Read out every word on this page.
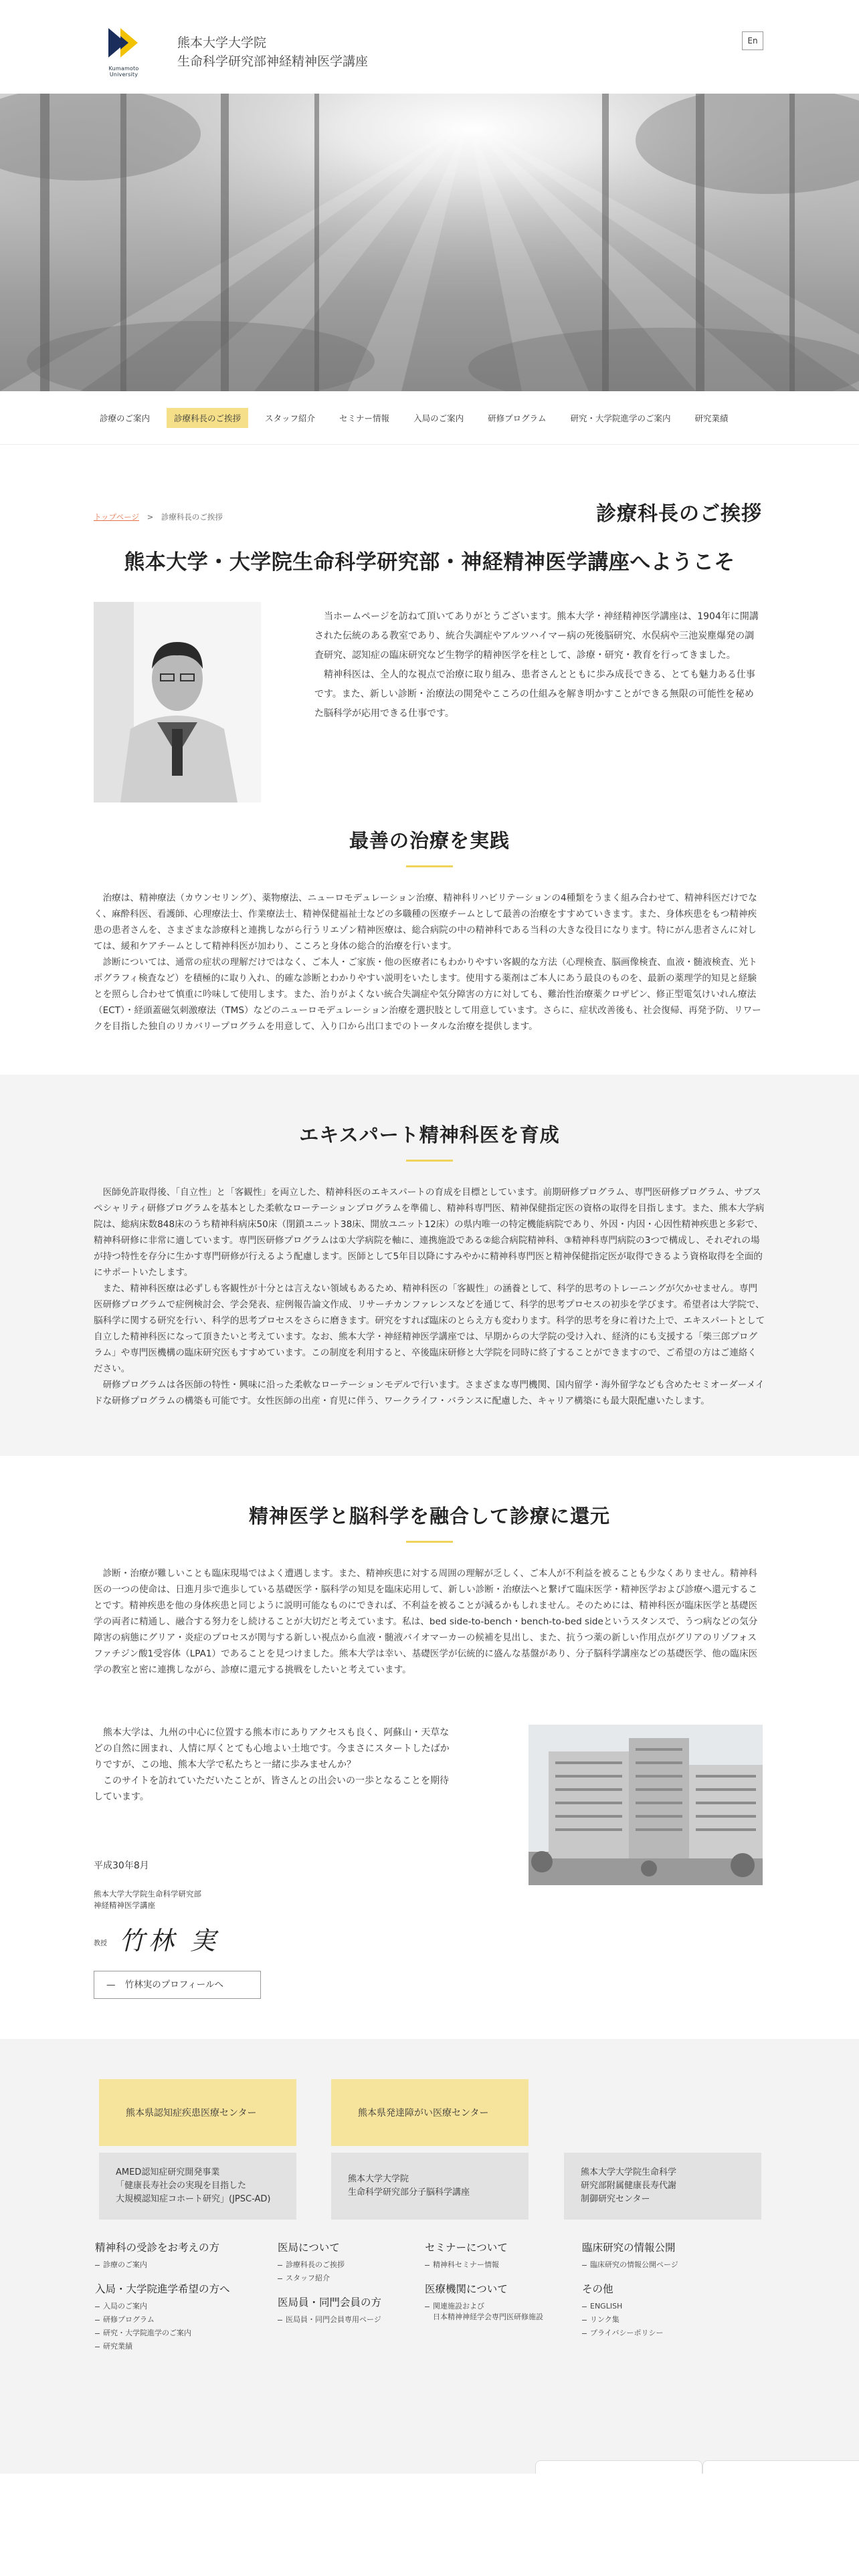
Kumamoto University
熊本大学大学院
生命科学研究部神経精神医学講座
En
診療のご案内	診療科長のご挨拶	スタッフ紹介	セミナー情報	入局のご案内	研修プログラム	研究・大学院進学のご案内	研究業績
トップページ > 診療科長のご挨拶	診療科長のご挨拶
熊本大学・大学院生命科学研究部・神経精神医学講座へようこそ

当ホームページを訪ねて頂いてありがとうございます。熊本大学・神経精神医学講座は、1904年に開講された伝統のある教室であり、統合失調症やアルツハイマー病の死後脳研究、水俣病や三池炭塵爆発の調査研究、認知症の臨床研究など生物学的精神医学を柱として、診療・研究・教育を行ってきました。

精神科医は、全人的な視点で治療に取り組み、患者さんとともに歩み成長できる、とても魅力ある仕事です。また、新しい診断・治療法の開発やこころの仕組みを解き明かすことができる無限の可能性を秘めた脳科学が応用できる仕事です。

最善の治療を実践

治療は、精神療法（カウンセリング）、薬物療法、ニューロモデュレーション治療、精神科リハビリテーションの4種類をうまく組み合わせて、精神科医だけでなく、麻酔科医、看護師、心理療法士、作業療法士、精神保健福祉士などの多職種の医療チームとして最善の治療をすすめていきます。また、身体疾患をもつ精神疾患の患者さんを、さまざまな診療科と連携しながら行うリエゾン精神医療は、総合病院の中の精神科である当科の大きな役目になります。特にがん患者さんに対しては、緩和ケアチームとして精神科医が加わり、こころと身体の総合的治療を行います。

診断については、通常の症状の理解だけではなく、ご本人・ご家族・他の医療者にもわかりやすい客観的な方法（心理検査、脳画像検査、血液・髄液検査、光トポグラフィ検査など）を積極的に取り入れ、的確な診断とわかりやすい説明をいたします。使用する薬剤はご本人にあう最良のものを、最新の薬理学的知見と経験とを照らし合わせて慎重に吟味して使用します。また、治りがよくない統合失調症や気分障害の方に対しても、難治性治療薬クロザピン、修正型電気けいれん療法（ECT）・経頭蓋磁気刺激療法（TMS）などのニューロモデュレーション治療を選択肢として用意しています。さらに、症状改善後も、社会復帰、再発予防、リワークを目指した独自のリカバリープログラムを用意して、入り口から出口までのトータルな治療を提供します。

エキスパート精神科医を育成

医師免許取得後、「自立性」と「客観性」を両立した、精神科医のエキスパートの育成を目標としています。前期研修プログラム、専門医研修プログラム、サブスペシャリティ研修プログラムを基本とした柔軟なローテーションプログラムを準備し、精神科専門医、精神保健指定医の資格の取得を目指します。また、熊本大学病院は、総病床数848床のうち精神科病床50床（閉鎖ユニット38床、開放ユニット12床）の県内唯一の特定機能病院であり、外因・内因・心因性精神疾患と多彩で、精神科研修に非常に適しています。専門医研修プログラムは①大学病院を軸に、連携施設である②総合病院精神科、③精神科専門病院の3つで構成し、それぞれの場が持つ特性を存分に生かす専門研修が行えるよう配慮します。医師として5年目以降にすみやかに精神科専門医と精神保健指定医が取得できるよう資格取得を全面的にサポートいたします。

また、精神科医療は必ずしも客観性が十分とは言えない領域もあるため、精神科医の「客観性」の涵養として、科学的思考のトレーニングが欠かせません。専門医研修プログラムで症例検討会、学会発表、症例報告論文作成、リサーチカンファレンスなどを通じて、科学的思考プロセスの初歩を学びます。希望者は大学院で、脳科学に関する研究を行い、科学的思考プロセスをさらに磨きます。研究をすれば臨床のとらえ方も変わります。科学的思考を身に着けた上で、エキスパートとして自立した精神科医になって頂きたいと考えています。なお、熊本大学・神経精神医学講座では、早期からの大学院の受け入れ、経済的にも支援する「柴三郎プログラム」や専門医機構の臨床研究医もすすめています。この制度を利用すると、卒後臨床研修と大学院を同時に終了することができますので、ご希望の方はご連絡ください。

研修プログラムは各医師の特性・興味に沿った柔軟なローテーションモデルで行います。さまざまな専門機関、国内留学・海外留学なども含めたセミオーダーメイドな研修プログラムの構築も可能です。女性医師の出産・育児に伴う、ワークライフ・バランスに配慮した、キャリア構築にも最大限配慮いたします。

精神医学と脳科学を融合して診療に還元

診断・治療が難しいことも臨床現場ではよく遭遇します。また、精神疾患に対する周囲の理解が乏しく、ご本人が不利益を被ることも少なくありません。精神科医の一つの使命は、日進月歩で進歩している基礎医学・脳科学の知見を臨床応用して、新しい診断・治療法へと繋げて臨床医学・精神医学および診療へ還元することです。精神疾患を他の身体疾患と同じように説明可能なものにできれば、不利益を被ることが減るかもしれません。そのためには、精神科医が臨床医学と基礎医学の両者に精通し、融合する努力をし続けることが大切だと考えています。私は、bed side-to-bench・bench-to-bed sideというスタンスで、うつ病などの気分障害の病態にグリア・炎症のプロセスが関与する新しい視点から血液・髄液バイオマーカーの候補を見出し、また、抗うつ薬の新しい作用点がグリアのリゾフォスファチジン酸1受容体（LPA1）であることを見つけました。熊本大学は幸い、基礎医学が伝統的に盛んな基盤があり、分子脳科学講座などの基礎医学、他の臨床医学の教室と密に連携しながら、診療に還元する挑戦をしたいと考えています。

熊本大学は、九州の中心に位置する熊本市にありアクセスも良く、阿蘇山・天草などの自然に囲まれ、人情に厚くとても心地よい土地です。今まさにスタートしたばかりですが、この地、熊本大学で私たちと一緒に歩みませんか？

このサイトを訪れていただいたことが、皆さんとの出会いの一歩となることを期待しています。

平成30年8月
熊本大学大学院生命科学研究部
神経精神医学講座
教授 竹林 実
— 竹林実のプロフィールへ
熊本県認知症疾患医療センター	熊本県発達障がい医療センター
AMED認知症研究開発事業
「健康長寿社会の実現を目指した
大規模認知症コホート研究」(JPSC-AD)
熊本大学大学院
生命科学研究部分子脳科学講座
熊本大学大学院生命科学
研究部附属健康長寿代謝
制御研究センター
精神科の受診をお考えの方
診療のご案内
入局・大学院進学希望の方へ
入局のご案内
研修プログラム
研究・大学院進学のご案内
研究業績
医局について
診療科長のご挨拶
スタッフ紹介
医局員・同門会員の方
医局員・同門会員専用ページ
セミナーについて
精神科セミナー情報
医療機関について
関連施設および
日本精神神経学会専門医研修施設
臨床研究の情報公開
臨床研究の情報公開ページ
その他
ENGLISH
リンク集
プライバシーポリシー
